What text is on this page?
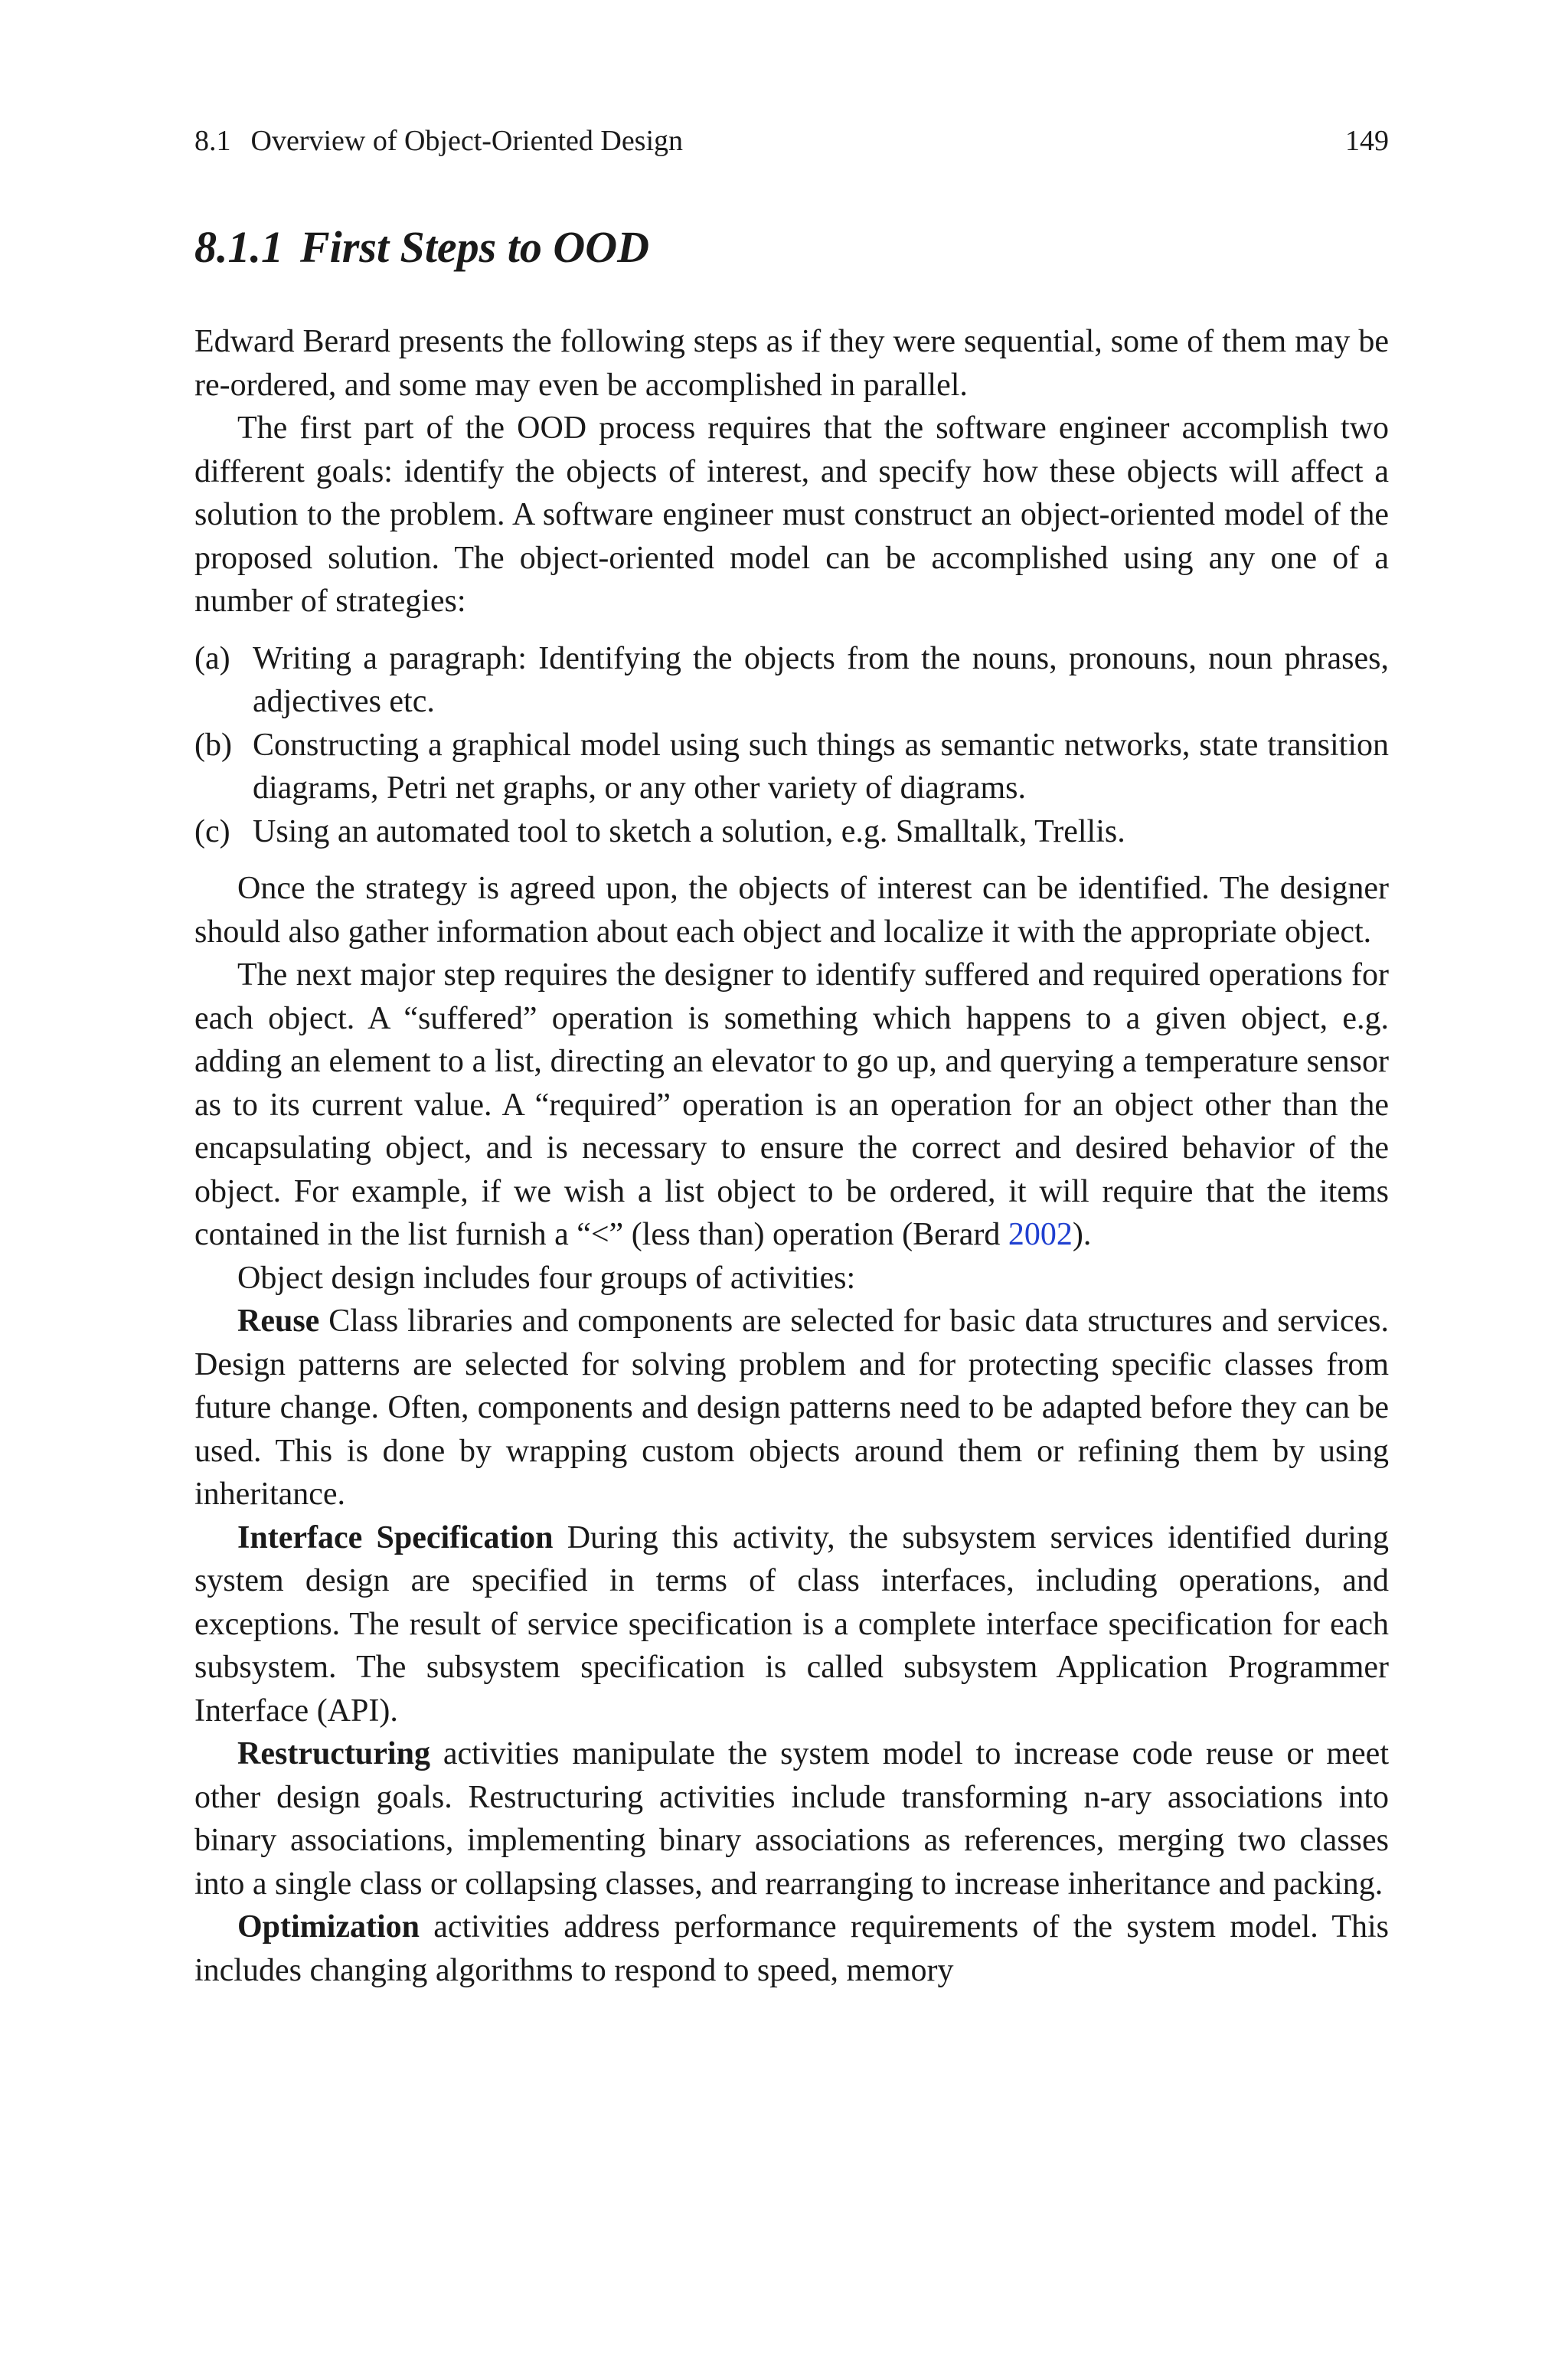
8.1 Overview of Object-Oriented Design	149
8.1.1 First Steps to OOD

Edward Berard presents the following steps as if they were sequential, some of them may be re-ordered, and some may even be accomplished in parallel.

The first part of the OOD process requires that the software engineer accomplish two different goals: identify the objects of interest, and specify how these objects will affect a solution to the problem. A software engineer must construct an object-oriented model of the proposed solution. The object-oriented model can be accomplished using any one of a number of strategies:

(a) Writing a paragraph: Identifying the objects from the nouns, pronouns, noun phrases, adjectives etc.
(b) Constructing a graphical model using such things as semantic networks, state transition diagrams, Petri net graphs, or any other variety of diagrams.
(c) Using an automated tool to sketch a solution, e.g. Smalltalk, Trellis.

Once the strategy is agreed upon, the objects of interest can be identified. The designer should also gather information about each object and localize it with the appropriate object.

The next major step requires the designer to identify suffered and required operations for each object. A “suffered” operation is something which happens to a given object, e.g. adding an element to a list, directing an elevator to go up, and querying a temperature sensor as to its current value. A “required” operation is an operation for an object other than the encapsulating object, and is necessary to ensure the correct and desired behavior of the object. For example, if we wish a list object to be ordered, it will require that the items contained in the list furnish a “<” (less than) operation (Berard 2002).

Object design includes four groups of activities:

Reuse Class libraries and components are selected for basic data structures and services. Design patterns are selected for solving problem and for protecting specific classes from future change. Often, components and design patterns need to be adapted before they can be used. This is done by wrapping custom objects around them or refining them by using inheritance.

Interface Specification During this activity, the subsystem services identified during system design are specified in terms of class interfaces, including operations, and exceptions. The result of service specification is a complete interface specification for each subsystem. The subsystem specification is called subsystem Application Programmer Interface (API).

Restructuring activities manipulate the system model to increase code reuse or meet other design goals. Restructuring activities include transforming n-ary associations into binary associations, implementing binary associations as references, merging two classes into a single class or collapsing classes, and rearranging to increase inheritance and packing.

Optimization activities address performance requirements of the system model. This includes changing algorithms to respond to speed, memory
